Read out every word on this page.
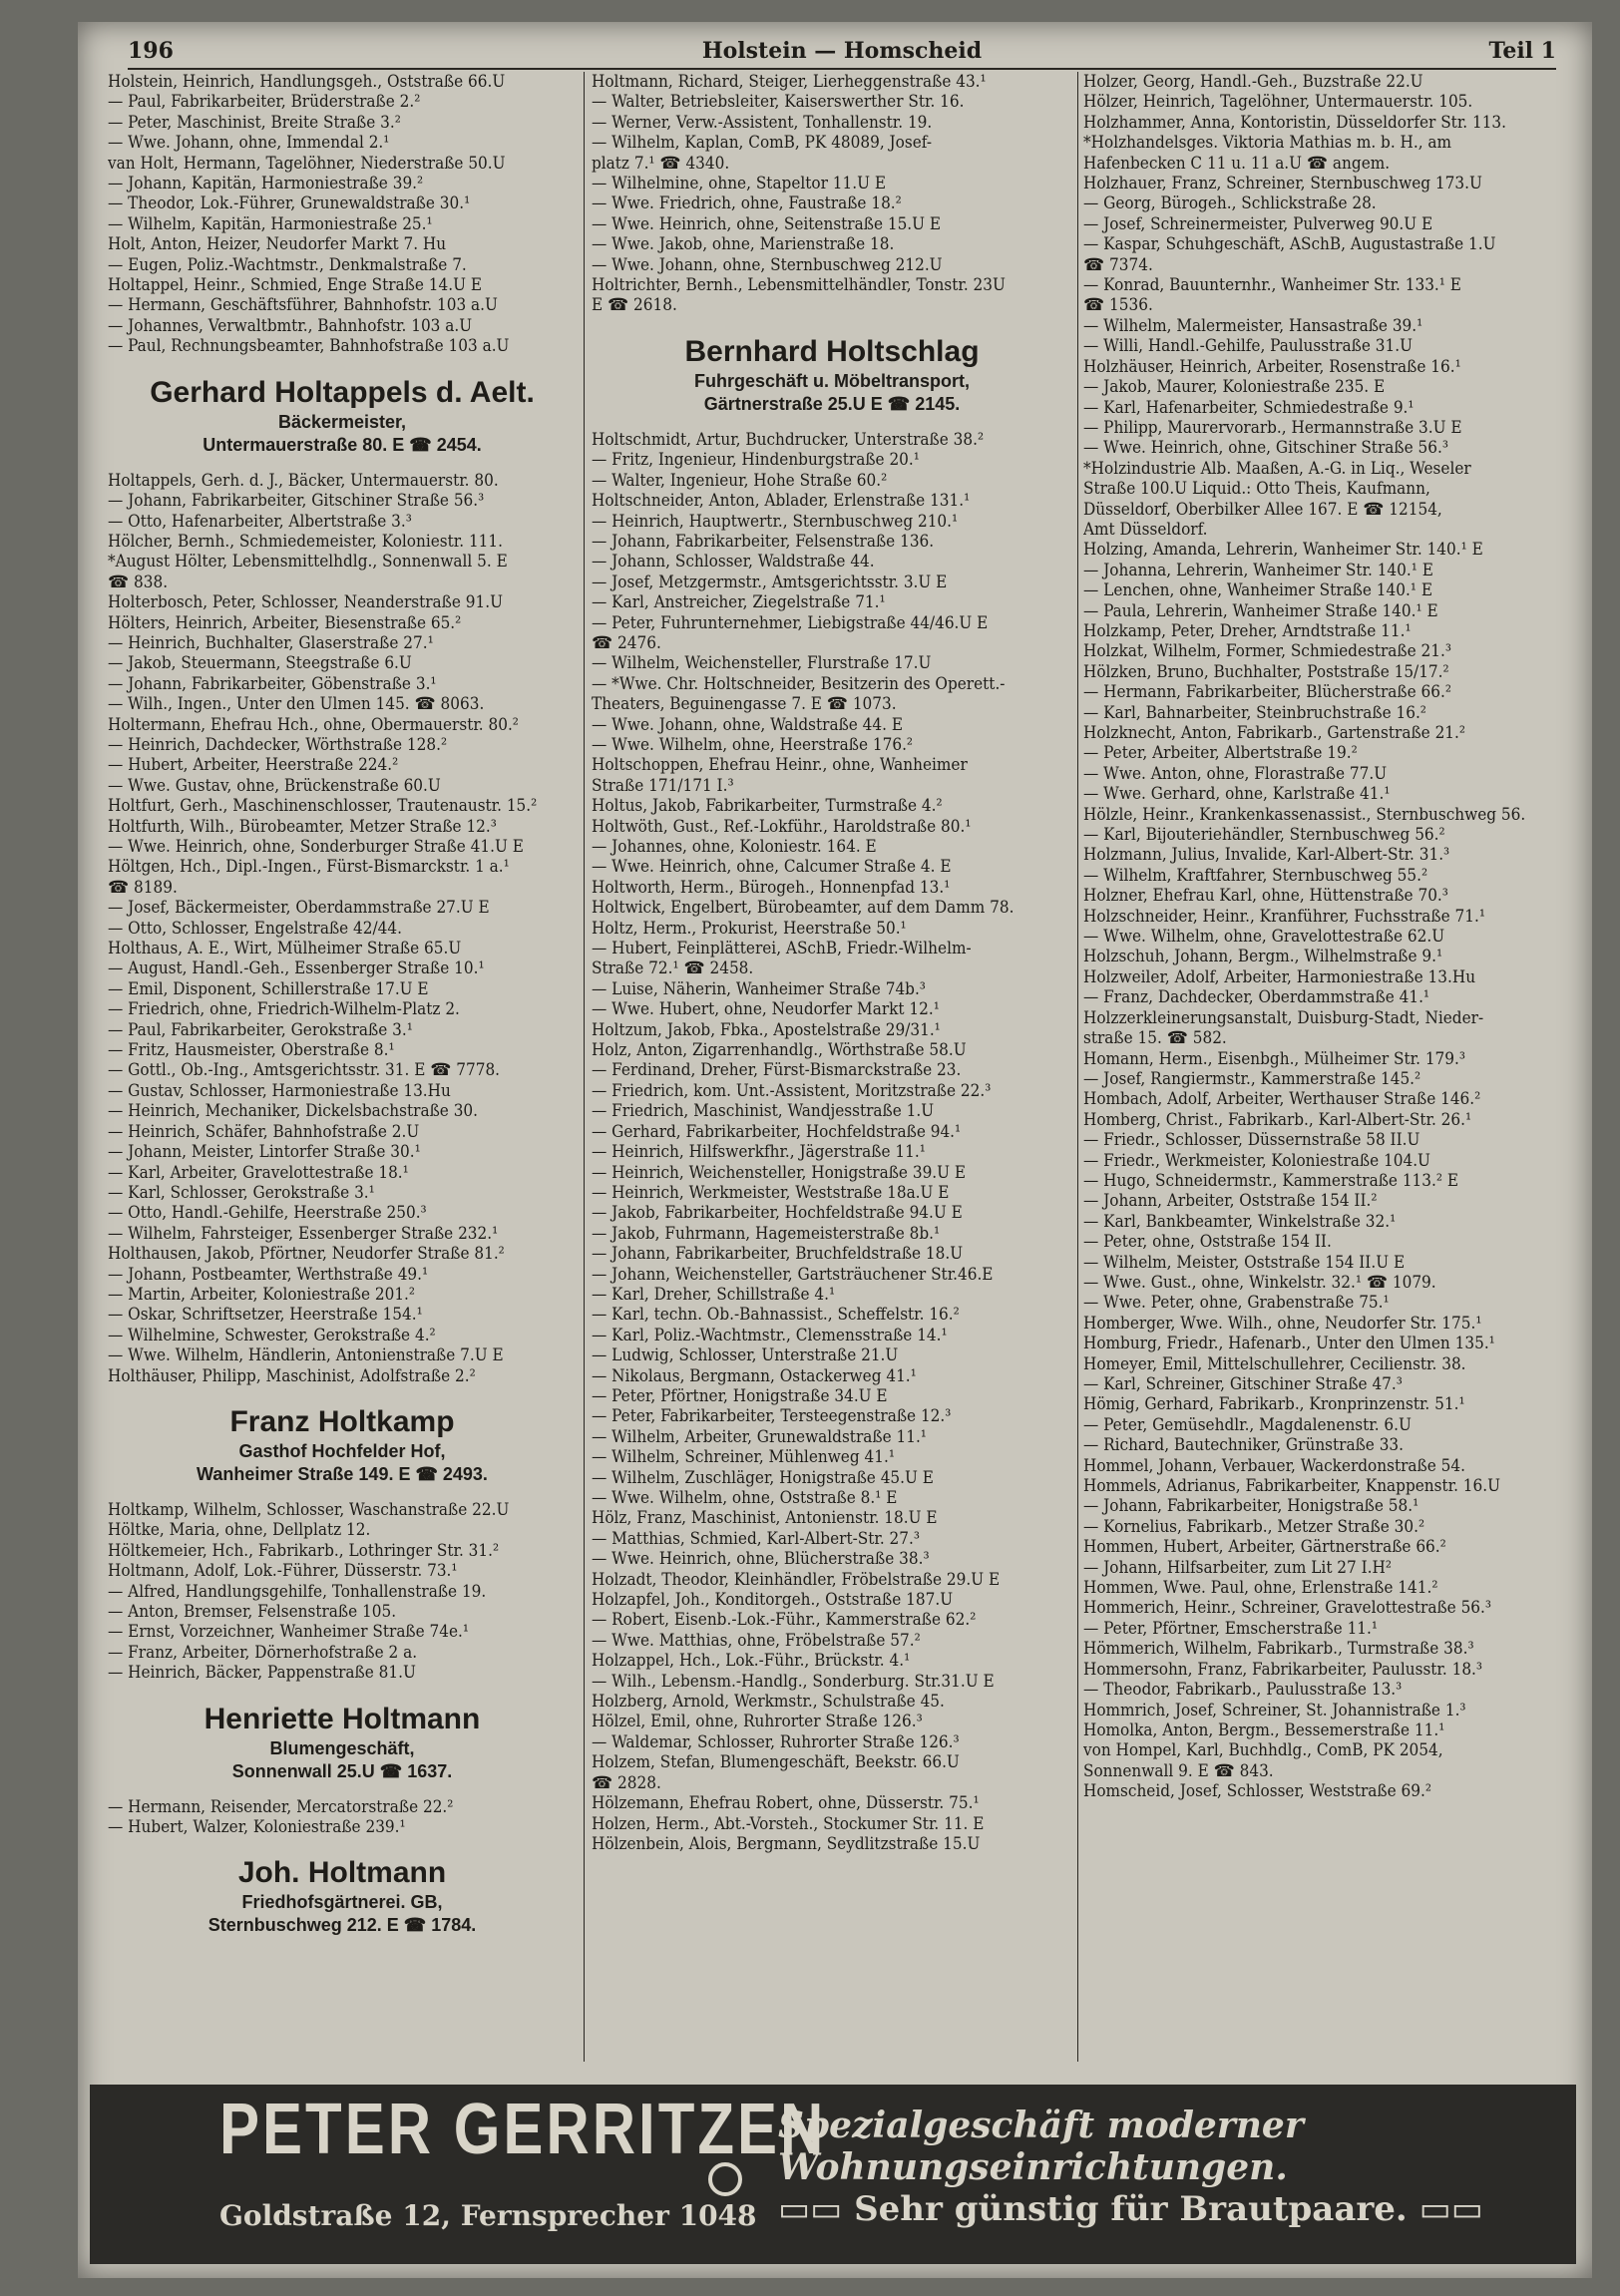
196	Holstein — Homscheid	Teil 1
Holstein, Heinrich, Handlungsgeh., Oststraße 66.U
— Paul, Fabrikarbeiter, Brüderstraße 2.²
— Peter, Maschinist, Breite Straße 3.²
— Wwe. Johann, ohne, Immendal 2.¹
van Holt, Hermann, Tagelöhner, Niederstraße 50.U
— Johann, Kapitän, Harmoniestraße 39.²
— Theodor, Lok.-Führer, Grunewaldstraße 30.¹
— Wilhelm, Kapitän, Harmoniestraße 25.¹
Holt, Anton, Heizer, Neudorfer Markt 7. Hu
— Eugen, Poliz.-Wachtmstr., Denkmalstraße 7.
Holtappel, Heinr., Schmied, Enge Straße 14.U E
— Hermann, Geschäftsführer, Bahnhofstr. 103 a.U
— Johannes, Verwaltbmtr., Bahnhofstr. 103 a.U
— Paul, Rechnungsbeamter, Bahnhofstraße 103 a.U
Gerhard Holtappels d. Aelt.
Bäckermeister,
Untermauerstraße 80. E ☎ 2454.
Holtappels, Gerh. d. J., Bäcker, Untermauerstr. 80.
— Johann, Fabrikarbeiter, Gitschiner Straße 56.³
— Otto, Hafenarbeiter, Albertstraße 3.³
Hölcher, Bernh., Schmiedemeister, Koloniestr. 111.
*August Hölter, Lebensmittelhdlg., Sonnenwall 5. E
☎ 838.
Holterbosch, Peter, Schlosser, Neanderstraße 91.U
Hölters, Heinrich, Arbeiter, Biesenstraße 65.²
— Heinrich, Buchhalter, Glaserstraße 27.¹
— Jakob, Steuermann, Steegstraße 6.U
— Johann, Fabrikarbeiter, Göbenstraße 3.¹
— Wilh., Ingen., Unter den Ulmen 145. ☎ 8063.
Holtermann, Ehefrau Hch., ohne, Obermauerstr. 80.²
— Heinrich, Dachdecker, Wörthstraße 128.²
— Hubert, Arbeiter, Heerstraße 224.²
— Wwe. Gustav, ohne, Brückenstraße 60.U
Holtfurt, Gerh., Maschinenschlosser, Trautenaustr. 15.²
Holtfurth, Wilh., Bürobeamter, Metzer Straße 12.³
— Wwe. Heinrich, ohne, Sonderburger Straße 41.U E
Höltgen, Hch., Dipl.-Ingen., Fürst-Bismarckstr. 1 a.¹
☎ 8189.
— Josef, Bäckermeister, Oberdammstraße 27.U E
— Otto, Schlosser, Engelstraße 42/44.
Holthaus, A. E., Wirt, Mülheimer Straße 65.U
— August, Handl.-Geh., Essenberger Straße 10.¹
— Emil, Disponent, Schillerstraße 17.U E
— Friedrich, ohne, Friedrich-Wilhelm-Platz 2.
— Paul, Fabrikarbeiter, Gerokstraße 3.¹
— Fritz, Hausmeister, Oberstraße 8.¹
— Gottl., Ob.-Ing., Amtsgerichtsstr. 31. E ☎ 7778.
— Gustav, Schlosser, Harmoniestraße 13.Hu
— Heinrich, Mechaniker, Dickelsbachstraße 30.
— Heinrich, Schäfer, Bahnhofstraße 2.U
— Johann, Meister, Lintorfer Straße 30.¹
— Karl, Arbeiter, Gravelottestraße 18.¹
— Karl, Schlosser, Gerokstraße 3.¹
— Otto, Handl.-Gehilfe, Heerstraße 250.³
— Wilhelm, Fahrsteiger, Essenberger Straße 232.¹
Holthausen, Jakob, Pförtner, Neudorfer Straße 81.²
— Johann, Postbeamter, Werthstraße 49.¹
— Martin, Arbeiter, Koloniestraße 201.²
— Oskar, Schriftsetzer, Heerstraße 154.¹
— Wilhelmine, Schwester, Gerokstraße 4.²
— Wwe. Wilhelm, Händlerin, Antonienstraße 7.U E
Holthäuser, Philipp, Maschinist, Adolfstraße 2.²
Franz Holtkamp
Gasthof Hochfelder Hof,
Wanheimer Straße 149. E ☎ 2493.
Holtkamp, Wilhelm, Schlosser, Waschanstraße 22.U
Höltke, Maria, ohne, Dellplatz 12.
Höltkemeier, Hch., Fabrikarb., Lothringer Str. 31.²
Holtmann, Adolf, Lok.-Führer, Düsserstr. 73.¹
— Alfred, Handlungsgehilfe, Tonhallenstraße 19.
— Anton, Bremser, Felsenstraße 105.
— Ernst, Vorzeichner, Wanheimer Straße 74e.¹
— Franz, Arbeiter, Dörnerhofstraße 2 a.
— Heinrich, Bäcker, Pappenstraße 81.U
Henriette Holtmann
Blumengeschäft,
Sonnenwall 25.U ☎ 1637.
— Hermann, Reisender, Mercatorstraße 22.²
— Hubert, Walzer, Koloniestraße 239.¹
Joh. Holtmann
Friedhofsgärtnerei. GB,
Sternbuschweg 212. E ☎ 1784.
Holtmann, Richard, Steiger, Lierheggenstraße 43.¹
— Walter, Betriebsleiter, Kaiserswerther Str. 16.
— Werner, Verw.-Assistent, Tonhallenstr. 19.
— Wilhelm, Kaplan, ComB, PK 48089, Josef-
platz 7.¹ ☎ 4340.
— Wilhelmine, ohne, Stapeltor 11.U E
— Wwe. Friedrich, ohne, Faustraße 18.²
— Wwe. Heinrich, ohne, Seitenstraße 15.U E
— Wwe. Jakob, ohne, Marienstraße 18.
— Wwe. Johann, ohne, Sternbuschweg 212.U
Holtrichter, Bernh., Lebensmittelhändler, Tonstr. 23U
E ☎ 2618.
Bernhard Holtschlag
Fuhrgeschäft u. Möbeltransport,
Gärtnerstraße 25.U E ☎ 2145.
Holtschmidt, Artur, Buchdrucker, Unterstraße 38.²
— Fritz, Ingenieur, Hindenburgstraße 20.¹
— Walter, Ingenieur, Hohe Straße 60.²
Holtschneider, Anton, Ablader, Erlenstraße 131.¹
— Heinrich, Hauptwertr., Sternbuschweg 210.¹
— Johann, Fabrikarbeiter, Felsenstraße 136.
— Johann, Schlosser, Waldstraße 44.
— Josef, Metzgermstr., Amtsgerichtsstr. 3.U E
— Karl, Anstreicher, Ziegelstraße 71.¹
— Peter, Fuhrunternehmer, Liebigstraße 44/46.U E
☎ 2476.
— Wilhelm, Weichensteller, Flurstraße 17.U
— *Wwe. Chr. Holtschneider, Besitzerin des Operett.-
Theaters, Beguinengasse 7. E ☎ 1073.
— Wwe. Johann, ohne, Waldstraße 44. E
— Wwe. Wilhelm, ohne, Heerstraße 176.²
Holtschoppen, Ehefrau Heinr., ohne, Wanheimer
Straße 171/171 I.³
Holtus, Jakob, Fabrikarbeiter, Turmstraße 4.²
Holtwöth, Gust., Ref.-Lokführ., Haroldstraße 80.¹
— Johannes, ohne, Koloniestr. 164. E
— Wwe. Heinrich, ohne, Calcumer Straße 4. E
Holtworth, Herm., Bürogeh., Honnenpfad 13.¹
Holtwick, Engelbert, Bürobeamter, auf dem Damm 78.
Holtz, Herm., Prokurist, Heerstraße 50.¹
— Hubert, Feinplätterei, ASchB, Friedr.-Wilhelm-
Straße 72.¹ ☎ 2458.
— Luise, Näherin, Wanheimer Straße 74b.³
— Wwe. Hubert, ohne, Neudorfer Markt 12.¹
Holtzum, Jakob, Fbka., Apostelstraße 29/31.¹
Holz, Anton, Zigarrenhandlg., Wörthstraße 58.U
— Ferdinand, Dreher, Fürst-Bismarckstraße 23.
— Friedrich, kom. Unt.-Assistent, Moritzstraße 22.³
— Friedrich, Maschinist, Wandjesstraße 1.U
— Gerhard, Fabrikarbeiter, Hochfeldstraße 94.¹
— Heinrich, Hilfswerkfhr., Jägerstraße 11.¹
— Heinrich, Weichensteller, Honigstraße 39.U E
— Heinrich, Werkmeister, Weststraße 18a.U E
— Jakob, Fabrikarbeiter, Hochfeldstraße 94.U E
— Jakob, Fuhrmann, Hagemeisterstraße 8b.¹
— Johann, Fabrikarbeiter, Bruchfeldstraße 18.U
— Johann, Weichensteller, Gartsträuchener Str.46.E
— Karl, Dreher, Schillstraße 4.¹
— Karl, techn. Ob.-Bahnassist., Scheffelstr. 16.²
— Karl, Poliz.-Wachtmstr., Clemensstraße 14.¹
— Ludwig, Schlosser, Unterstraße 21.U
— Nikolaus, Bergmann, Ostackerweg 41.¹
— Peter, Pförtner, Honigstraße 34.U E
— Peter, Fabrikarbeiter, Tersteegenstraße 12.³
— Wilhelm, Arbeiter, Grunewaldstraße 11.¹
— Wilhelm, Schreiner, Mühlenweg 41.¹
— Wilhelm, Zuschläger, Honigstraße 45.U E
— Wwe. Wilhelm, ohne, Oststraße 8.¹ E
Hölz, Franz, Maschinist, Antonienstr. 18.U E
— Matthias, Schmied, Karl-Albert-Str. 27.³
— Wwe. Heinrich, ohne, Blücherstraße 38.³
Holzadt, Theodor, Kleinhändler, Fröbelstraße 29.U E
Holzapfel, Joh., Konditorgeh., Oststraße 187.U
— Robert, Eisenb.-Lok.-Führ., Kammerstraße 62.²
— Wwe. Matthias, ohne, Fröbelstraße 57.²
Holzappel, Hch., Lok.-Führ., Brückstr. 4.¹
— Wilh., Lebensm.-Handlg., Sonderburg. Str.31.U E
Holzberg, Arnold, Werkmstr., Schulstraße 45.
Hölzel, Emil, ohne, Ruhrorter Straße 126.³
— Waldemar, Schlosser, Ruhrorter Straße 126.³
Holzem, Stefan, Blumengeschäft, Beekstr. 66.U
☎ 2828.
Hölzemann, Ehefrau Robert, ohne, Düsserstr. 75.¹
Holzen, Herm., Abt.-Vorsteh., Stockumer Str. 11. E
Hölzenbein, Alois, Bergmann, Seydlitzstraße 15.U
Holzer, Georg, Handl.-Geh., Buzstraße 22.U
Hölzer, Heinrich, Tagelöhner, Untermauerstr. 105.
Holzhammer, Anna, Kontoristin, Düsseldorfer Str. 113.
*Holzhandelsges. Viktoria Mathias m. b. H., am
Hafenbecken C 11 u. 11 a.U ☎ angem.
Holzhauer, Franz, Schreiner, Sternbuschweg 173.U
— Georg, Bürogeh., Schlickstraße 28.
— Josef, Schreinermeister, Pulverweg 90.U E
— Kaspar, Schuhgeschäft, ASchB, Augustastraße 1.U
☎ 7374.
— Konrad, Bauunternhr., Wanheimer Str. 133.¹ E
☎ 1536.
— Wilhelm, Malermeister, Hansastraße 39.¹
— Willi, Handl.-Gehilfe, Paulusstraße 31.U
Holzhäuser, Heinrich, Arbeiter, Rosenstraße 16.¹
— Jakob, Maurer, Koloniestraße 235. E
— Karl, Hafenarbeiter, Schmiedestraße 9.¹
— Philipp, Maurervorarb., Hermannstraße 3.U E
— Wwe. Heinrich, ohne, Gitschiner Straße 56.³
*Holzindustrie Alb. Maaßen, A.-G. in Liq., Weseler
Straße 100.U Liquid.: Otto Theis, Kaufmann,
Düsseldorf, Oberbilker Allee 167. E ☎ 12154,
Amt Düsseldorf.
Holzing, Amanda, Lehrerin, Wanheimer Str. 140.¹ E
— Johanna, Lehrerin, Wanheimer Str. 140.¹ E
— Lenchen, ohne, Wanheimer Straße 140.¹ E
— Paula, Lehrerin, Wanheimer Straße 140.¹ E
Holzkamp, Peter, Dreher, Arndtstraße 11.¹
Holzkat, Wilhelm, Former, Schmiedestraße 21.³
Hölzken, Bruno, Buchhalter, Poststraße 15/17.²
— Hermann, Fabrikarbeiter, Blücherstraße 66.²
— Karl, Bahnarbeiter, Steinbruchstraße 16.²
Holzknecht, Anton, Fabrikarb., Gartenstraße 21.²
— Peter, Arbeiter, Albertstraße 19.²
— Wwe. Anton, ohne, Florastraße 77.U
— Wwe. Gerhard, ohne, Karlstraße 41.¹
Hölzle, Heinr., Krankenkassenassist., Sternbuschweg 56.
— Karl, Bijouteriehändler, Sternbuschweg 56.²
Holzmann, Julius, Invalide, Karl-Albert-Str. 31.³
— Wilhelm, Kraftfahrer, Sternbuschweg 55.²
Holzner, Ehefrau Karl, ohne, Hüttenstraße 70.³
Holzschneider, Heinr., Kranführer, Fuchsstraße 71.¹
— Wwe. Wilhelm, ohne, Gravelottestraße 62.U
Holzschuh, Johann, Bergm., Wilhelmstraße 9.¹
Holzweiler, Adolf, Arbeiter, Harmoniestraße 13.Hu
— Franz, Dachdecker, Oberdammstraße 41.¹
Holzzerkleinerungsanstalt, Duisburg-Stadt, Nieder-
straße 15. ☎ 582.
Homann, Herm., Eisenbgh., Mülheimer Str. 179.³
— Josef, Rangiermstr., Kammerstraße 145.²
Hombach, Adolf, Arbeiter, Werthauser Straße 146.²
Homberg, Christ., Fabrikarb., Karl-Albert-Str. 26.¹
— Friedr., Schlosser, Düssernstraße 58 II.U
— Friedr., Werkmeister, Koloniestraße 104.U
— Hugo, Schneidermstr., Kammerstraße 113.² E
— Johann, Arbeiter, Oststraße 154 II.²
— Karl, Bankbeamter, Winkelstraße 32.¹
— Peter, ohne, Oststraße 154 II.
— Wilhelm, Meister, Oststraße 154 II.U E
— Wwe. Gust., ohne, Winkelstr. 32.¹ ☎ 1079.
— Wwe. Peter, ohne, Grabenstraße 75.¹
Homberger, Wwe. Wilh., ohne, Neudorfer Str. 175.¹
Homburg, Friedr., Hafenarb., Unter den Ulmen 135.¹
Homeyer, Emil, Mittelschullehrer, Cecilienstr. 38.
— Karl, Schreiner, Gitschiner Straße 47.³
Hömig, Gerhard, Fabrikarb., Kronprinzenstr. 51.¹
— Peter, Gemüsehdlr., Magdalenenstr. 6.U
— Richard, Bautechniker, Grünstraße 33.
Hommel, Johann, Verbauer, Wackerdonstraße 54.
Hommels, Adrianus, Fabrikarbeiter, Knappenstr. 16.U
— Johann, Fabrikarbeiter, Honigstraße 58.¹
— Kornelius, Fabrikarb., Metzer Straße 30.²
Hommen, Hubert, Arbeiter, Gärtnerstraße 66.²
— Johann, Hilfsarbeiter, zum Lit 27 I.H²
Hommen, Wwe. Paul, ohne, Erlenstraße 141.²
Hommerich, Heinr., Schreiner, Gravelottestraße 56.³
— Peter, Pförtner, Emscherstraße 11.¹
Hömmerich, Wilhelm, Fabrikarb., Turmstraße 38.³
Hommersohn, Franz, Fabrikarbeiter, Paulusstr. 18.³
— Theodor, Fabrikarb., Paulusstraße 13.³
Hommrich, Josef, Schreiner, St. Johannistraße 1.³
Homolka, Anton, Bergm., Bessemerstraße 11.¹
von Hompel, Karl, Buchhdlg., ComB, PK 2054,
Sonnenwall 9. E ☎ 843.
Homscheid, Josef, Schlosser, Weststraße 69.²
PETER GERRITZEN
Goldstraße 12, Fernsprecher 1048
Spezialgeschäft moderner Wohnungseinrichtungen.
▭▭ Sehr günstig für Brautpaare. ▭▭
